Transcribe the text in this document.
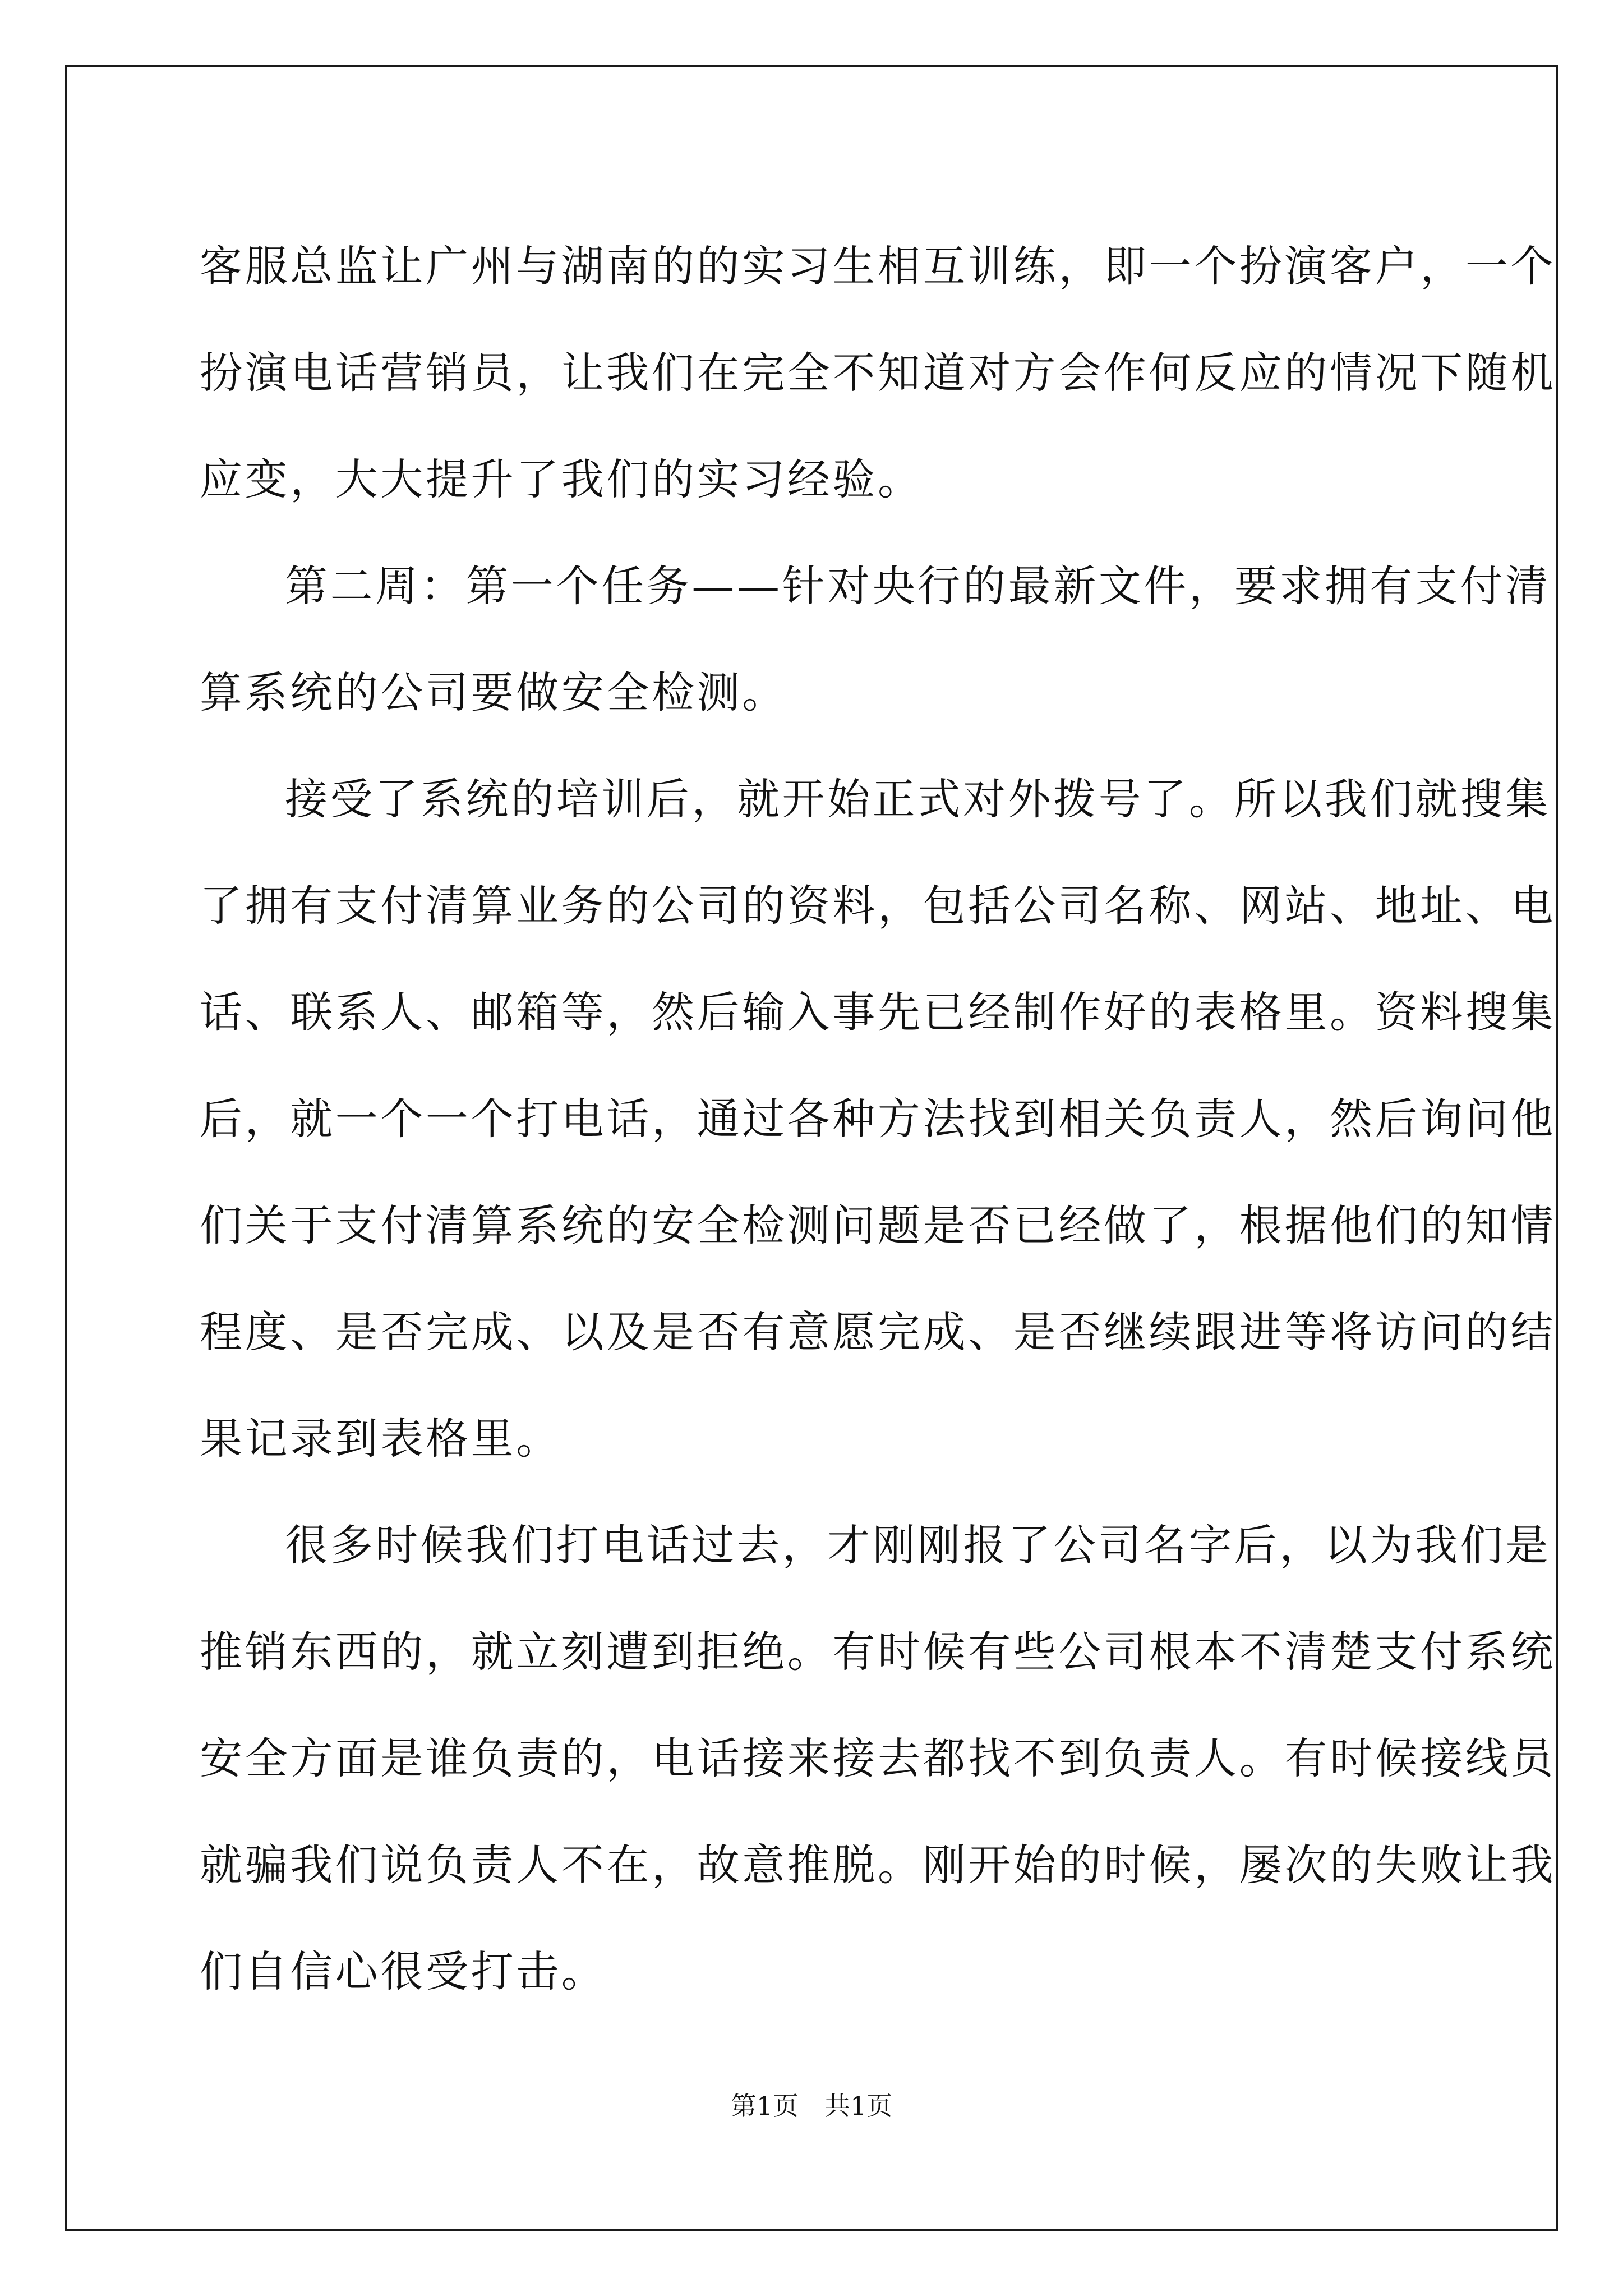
客服总监让广州与湖南的的实习生相互训练，即一个扮演客户，一个
扮演电话营销员，让我们在完全不知道对方会作何反应的情况下随机
应变，大大提升了我们的实习经验。
第二周：第一个任务——针对央行的最新文件，要求拥有支付清
算系统的公司要做安全检测。
接受了系统的培训后，就开始正式对外拨号了。所以我们就搜集
了拥有支付清算业务的公司的资料，包括公司名称、网站、地址、电
话、联系人、邮箱等，然后输入事先已经制作好的表格里。资料搜集
后，就一个一个打电话，通过各种方法找到相关负责人，然后询问他
们关于支付清算系统的安全检测问题是否已经做了，根据他们的知情
程度、是否完成、以及是否有意愿完成、是否继续跟进等将访问的结
果记录到表格里。
很多时候我们打电话过去，才刚刚报了公司名字后，以为我们是
推销东西的，就立刻遭到拒绝。有时候有些公司根本不清楚支付系统
安全方面是谁负责的，电话接来接去都找不到负责人。有时候接线员
就骗我们说负责人不在，故意推脱。刚开始的时候，屡次的失败让我
们自信心很受打击。
第1页　共1页
